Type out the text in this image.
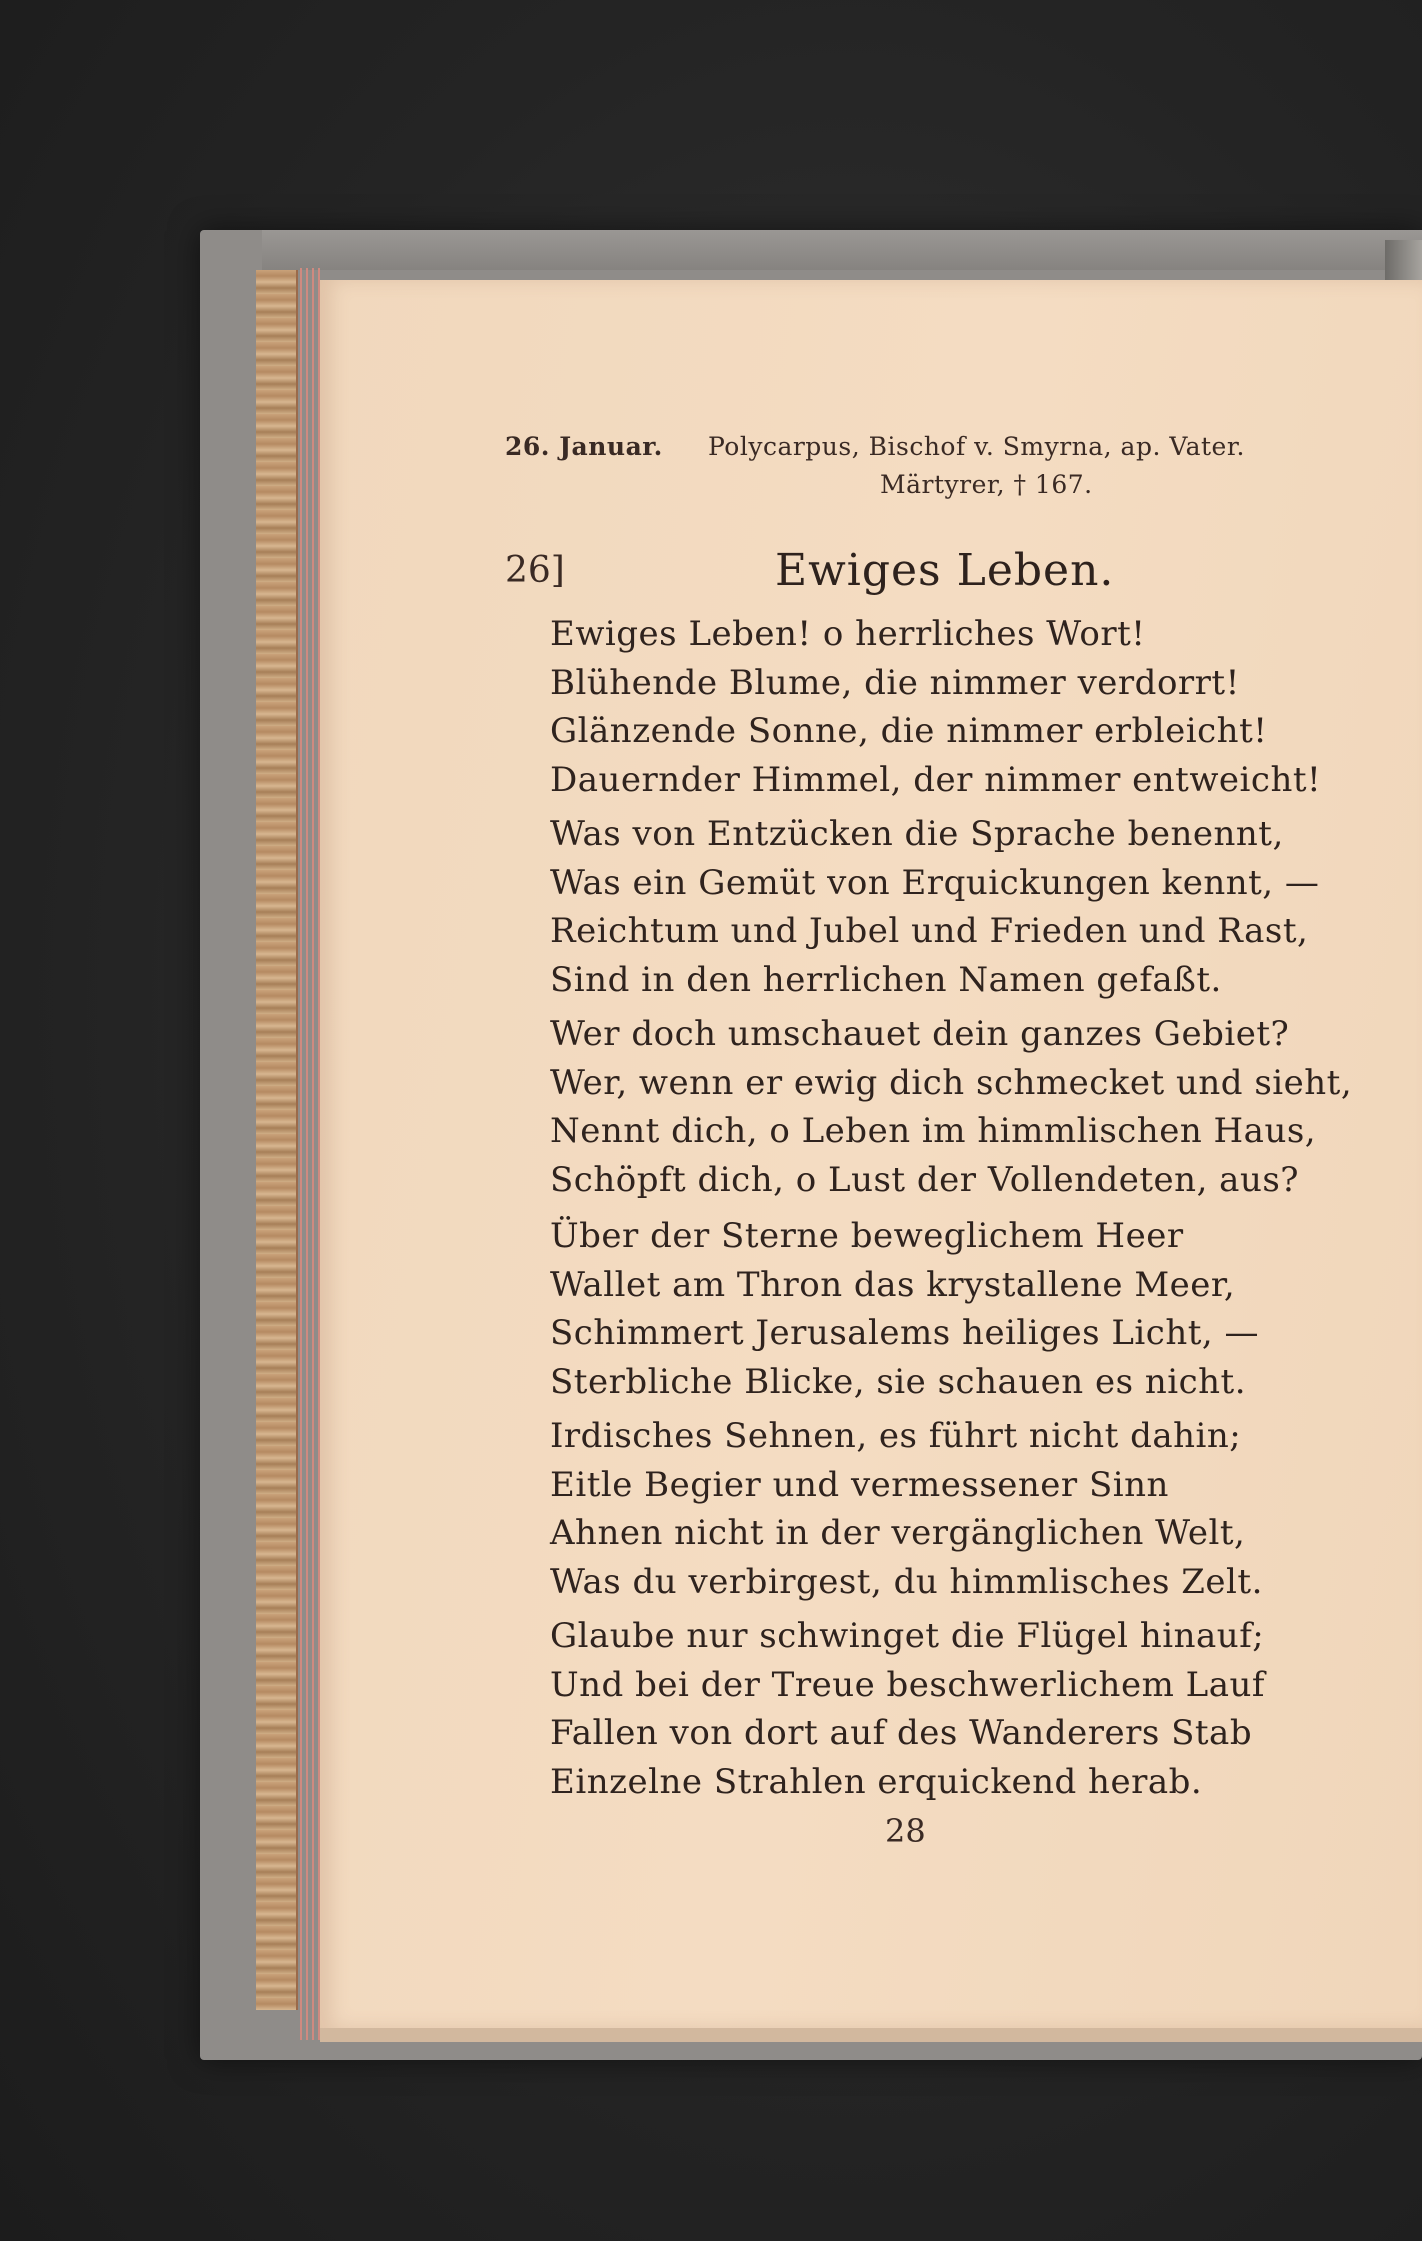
26. Januar. Polycarpus, Bischof v. Smyrna, ap. Vater.
Märtyrer, † 167.
26]	Ewiges Leben.
Ewiges Leben! o herrliches Wort!
Blühende Blume, die nimmer verdorrt!
Glänzende Sonne, die nimmer erbleicht!
Dauernder Himmel, der nimmer entweicht!
Was von Entzücken die Sprache benennt,
Was ein Gemüt von Erquickungen kennt, —
Reichtum und Jubel und Frieden und Rast,
Sind in den herrlichen Namen gefaßt.
Wer doch umschauet dein ganzes Gebiet?
Wer, wenn er ewig dich schmecket und sieht,
Nennt dich, o Leben im himmlischen Haus,
Schöpft dich, o Lust der Vollendeten, aus?
Über der Sterne beweglichem Heer
Wallet am Thron das krystallene Meer,
Schimmert Jerusalems heiliges Licht, —
Sterbliche Blicke, sie schauen es nicht.
Irdisches Sehnen, es führt nicht dahin;
Eitle Begier und vermessener Sinn
Ahnen nicht in der vergänglichen Welt,
Was du verbirgest, du himmlisches Zelt.
Glaube nur schwinget die Flügel hinauf;
Und bei der Treue beschwerlichem Lauf
Fallen von dort auf des Wanderers Stab
Einzelne Strahlen erquickend herab.
28
